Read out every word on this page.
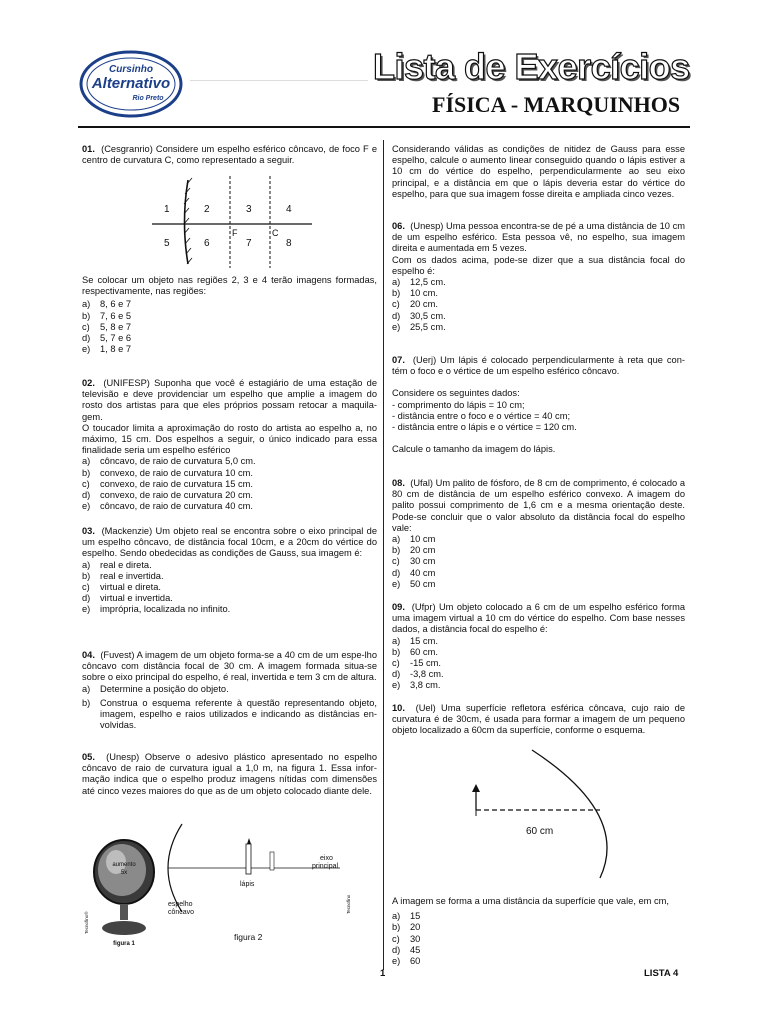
Cursinho
Alternativo
Rio Preto
Lista de Exercícios
FÍSICA - MARQUINHOS

01. (Cesgranrio) Considere um espelho esférico côncavo, de foco F e centro de curvatura C, como representado a seguir.

1	2	3	4
5	6	7	8
F	C

Se colocar um objeto nas regiões 2, 3 e 4 terão imagens formadas, respectivamente, nas regiões:

a)	8, 6 e 7
b)	7, 6 e 5
c)	5, 8 e 7
d)	5, 7 e 6
e)	1, 8 e 7

02. (UNIFESP) Suponha que você é estagiário de uma estação de televisão e deve providenciar um espelho que amplie a imagem do rosto dos artistas para que eles próprios possam retocar a maquila-gem.

O toucador limita a aproximação do rosto do artista ao espelho a, no máximo, 15 cm. Dos espelhos a seguir, o único indicado para essa finalidade seria um espelho esférico

a)	côncavo, de raio de curvatura 5,0 cm.
b)	convexo, de raio de curvatura 10 cm.
c)	convexo, de raio de curvatura 15 cm.
d)	convexo, de raio de curvatura 20 cm.
e)	côncavo, de raio de curvatura 40 cm.

03. (Mackenzie) Um objeto real se encontra sobre o eixo principal de um espelho côncavo, de distância focal 10cm, e a 20cm do vértice do espelho. Sendo obedecidas as condições de Gauss, sua imagem é:

a)	real e direta.
b)	real e invertida.
c)	virtual e direta.
d)	virtual e invertida.
e)	imprópria, localizada no infinito.

04. (Fuvest) A imagem de um objeto forma-se a 40 cm de um espe-lho côncavo com distância focal de 30 cm. A imagem formada situa-se sobre o eixo principal do espelho, é real, invertida e tem 3 cm de altura.

a)	Determine a posição do objeto.
b)	Construa o esquema referente à questão representando objeto, imagem, espelho e raios utilizados e indicando as distâncias en-volvidas.

05. (Unesp) Observe o adesivo plástico apresentado no espelho côncavo de raio de curvatura igual a 1,0 m, na figura 1. Essa infor-mação indica que o espelho produz imagens nítidas com dimensões até cinco vezes maiores do que as de um objeto colocado diante dele.

aumento
5x
Tecnofino®
figura 1
eixo
principal
lápis
espelho
côncavo
figura 2
Tecnofino

Considerando válidas as condições de nitidez de Gauss para esse espelho, calcule o aumento linear conseguido quando o lápis estiver a 10 cm do vértice do espelho, perpendicularmente ao seu eixo principal, e a distância em que o lápis deveria estar do vértice do espelho, para que sua imagem fosse direita e ampliada cinco vezes.

06. (Unesp) Uma pessoa encontra-se de pé a uma distância de 10 cm de um espelho esférico. Esta pessoa vê, no espelho, sua imagem direita e aumentada em 5 vezes.

Com os dados acima, pode-se dizer que a sua distância focal do espelho é:

a)	12,5 cm.
b)	10 cm.
c)	20 cm.
d)	30,5 cm.
e)	25,5 cm.

07. (Uerj) Um lápis é colocado perpendicularmente à reta que con-tém o foco e o vértice de um espelho esférico côncavo.

Considere os seguintes dados:

- comprimento do lápis = 10 cm;

- distância entre o foco e o vértice = 40 cm;

- distância entre o lápis e o vértice = 120 cm.

Calcule o tamanho da imagem do lápis.

08. (Ufal) Um palito de fósforo, de 8 cm de comprimento, é colocado a 80 cm de distância de um espelho esférico convexo. A imagem do palito possui comprimento de 1,6 cm e a mesma orientação deste. Pode-se concluir que o valor absoluto da distância focal do espelho vale:

a)	10 cm
b)	20 cm
c)	30 cm
d)	40 cm
e)	50 cm

09. (Ufpr) Um objeto colocado a 6 cm de um espelho esférico forma uma imagem virtual a 10 cm do vértice do espelho. Com base nesses dados, a distância focal do espelho é:

a)	15 cm.
b)	60 cm.
c)	-15 cm.
d)	-3,8 cm.
e)	3,8 cm.

10. (Uel) Uma superfície refletora esférica côncava, cujo raio de curvatura é de 30cm, é usada para formar a imagem de um pequeno objeto localizado a 60cm da superfície, conforme o esquema.

60 cm

A imagem se forma a uma distância da superfície que vale, em cm,

a)	15
b)	20
c)	30
d)	45
e)	60
1	LISTA 4
